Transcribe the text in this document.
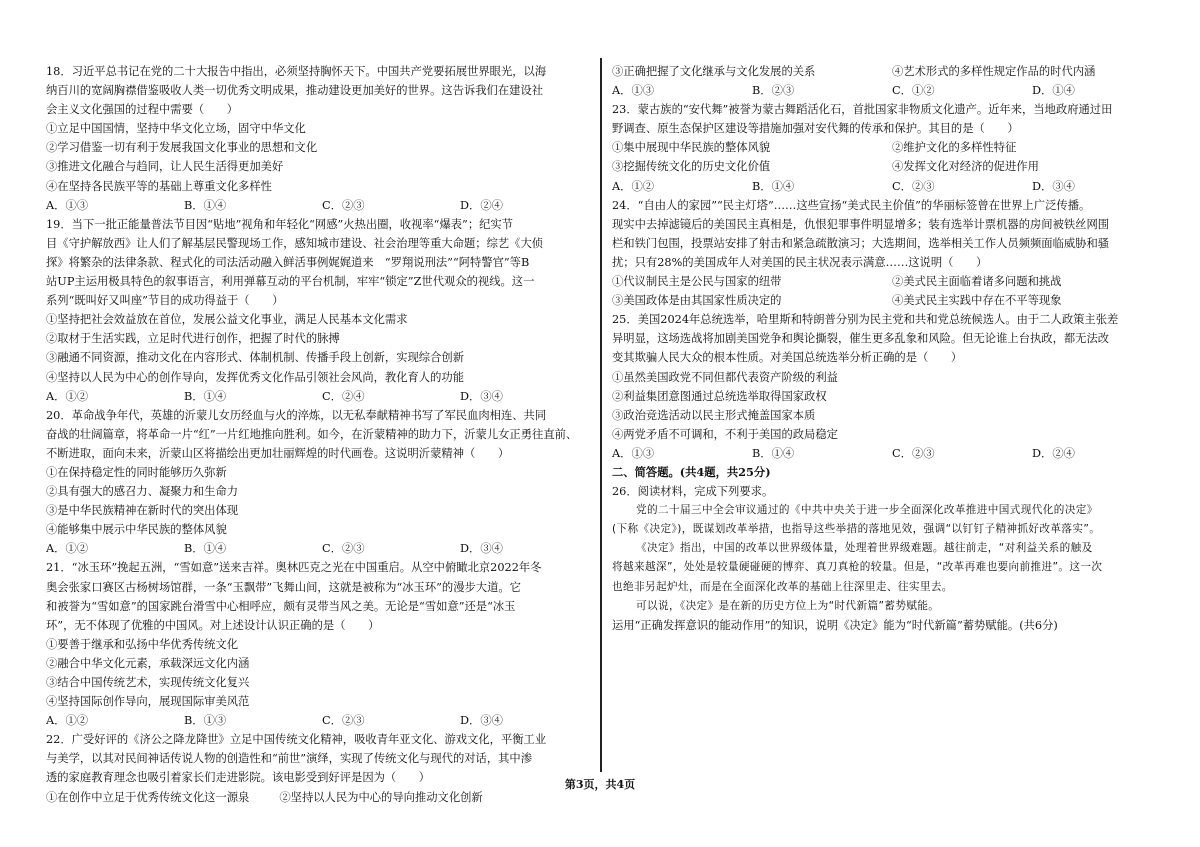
18．习近平总书记在党的二十大报告中指出，必须坚持胸怀天下。中国共产党要拓展世界眼光，以海
纳百川的宽阔胸襟借鉴吸收人类一切优秀文明成果，推动建设更加美好的世界。这告诉我们在建设社
会主义文化强国的过程中需要（　　）
①立足中国国情，坚持中华文化立场，固守中华文化
②学习借鉴一切有利于发展我国文化事业的思想和文化
③推进文化融合与趋同，让人民生活得更加美好
④在坚持各民族平等的基础上尊重文化多样性
A．①③	B．①④	C．②③	D．②④
19．当下一批正能量普法节目因“贴地”视角和年轻化“网感”火热出圈，收视率“爆表”；纪实节
目《守护解放西》让人们了解基层民警现场工作，感知城市建设、社会治理等重大命题；综艺《大侦
探》将繁杂的法律条款、程式化的司法活动融入鲜活事例娓娓道来　“罗翔说刑法”“阿特警官”等B
站UP主运用极具特色的叙事语言，利用弹幕互动的平台机制，牢牢“锁定”Z世代观众的视线。这一
系列“既叫好又叫座”节目的成功得益于（　　）
①坚持把社会效益放在首位，发展公益文化事业，满足人民基本文化需求
②取材于生活实践，立足时代进行创作，把握了时代的脉搏
③融通不同资源，推动文化在内容形式、体制机制、传播手段上创新，实现综合创新
④坚持以人民为中心的创作导向，发挥优秀文化作品引领社会风尚，教化育人的功能
A．①②	B．①④	C．②④	D．③④
20．革命战争年代，英雄的沂蒙儿女历经血与火的淬炼，以无私奉献精神书写了军民血肉相连、共同
奋战的壮阔篇章，将革命一片“红”一片红地推向胜利。如今，在沂蒙精神的助力下，沂蒙儿女正勇往直前、
不断进取，面向未来，沂蒙山区将描绘出更加壮丽辉煌的时代画卷。这说明沂蒙精神（　　）
①在保持稳定性的同时能够历久弥新
②具有强大的感召力、凝聚力和生命力
③是中华民族精神在新时代的突出体现
④能够集中展示中华民族的整体风貌
A．①②	B．①④	C．②③	D．③④
21．“冰玉环”挽起五洲，“雪如意”送来吉祥。奥林匹克之光在中国重启。从空中俯瞰北京2022年冬
奥会张家口赛区古杨树场馆群，一条“玉飘带”飞舞山间，这就是被称为“冰玉环”的漫步大道。它
和被誉为“雪如意”的国家跳台滑雪中心相呼应，颇有灵带当风之美。无论是“雪如意”还是“冰玉
环”，无不体现了优雅的中国风。对上述设计认识正确的是（　　）
①要善于继承和弘扬中华优秀传统文化
②融合中华文化元素，承载深远文化内涵
③结合中国传统艺术，实现传统文化复兴
④坚持国际创作导向，展现国际审美风范
A．①②	B．①③	C．②③	D．③④
22．广受好评的《济公之降龙降世》立足中国传统文化精神，吸收青年亚文化、游戏文化，平衡工业
与美学，以其对民间神话传说人物的创造性和“前世”演绎，实现了传统文化与现代的对话，其中渗
透的家庭教育理念也吸引着家长们走进影院。该电影受到好评是因为（　　）
①在创作中立足于优秀传统文化这一源泉	②坚持以人民为中心的导向推动文化创新
③正确把握了文化继承与文化发展的关系	④艺术形式的多样性规定作品的时代内涵
A．①③	B．②③	C．①②	D．①④
23．蒙古族的“安代舞”被誉为蒙古舞蹈活化石，首批国家非物质文化遗产。近年来，当地政府通过田
野调查、原生态保护区建设等措施加强对安代舞的传承和保护。其目的是（　　）
①集中展现中华民族的整体风貌	②维护文化的多样性特征
③挖掘传统文化的历史文化价值	④发挥文化对经济的促进作用
A．①②	B．①④	C．②③	D．③④
24．“自由人的家园”“民主灯塔”……这些宣扬“美式民主价值”的华丽标签曾在世界上广泛传播。
现实中去掉滤镜后的美国民主真相是，仇恨犯罪事件明显增多；装有选举计票机器的房间被铁丝网围
栏和铁门包围，投票站安排了射击和紧急疏散演习；大选期间，选举相关工作人员频频面临威胁和骚
扰；只有28%的美国成年人对美国的民主状况表示满意……这说明（　　）
①代议制民主是公民与国家的纽带	②美式民主面临着诸多问题和挑战
③美国政体是由其国家性质决定的	④美式民主实践中存在不平等现象
25．美国2024年总统选举，哈里斯和特朗普分别为民主党和共和党总统候选人。由于二人政策主张差
异明显，这场选战将加剧美国党争和舆论撕裂，催生更多乱象和风险。但无论谁上台执政，都无法改
变其欺骗人民大众的根本性质。对美国总统选举分析正确的是（　　）
①虽然美国政党不同但都代表资产阶级的利益
②利益集团意图通过总统选举取得国家政权
③政治竞选活动以民主形式掩盖国家本质
④两党矛盾不可调和，不利于美国的政局稳定
A．①③	B．①④	C．②③	D．②④
二、简答题。(共4题，共25分)
26．阅读材料，完成下列要求。
党的二十届三中全会审议通过的《中共中央关于进一步全面深化改革推进中国式现代化的决定》
(下称《决定》)，既谋划改革举措，也指导这些举措的落地见效，强调“以钉钉子精神抓好改革落实”。
《决定》指出，中国的改革以世界级体量，处理着世界级难题。越往前走，“对利益关系的触及
将越来越深”，处处是较量硬碰硬的博弈、真刀真枪的较量。但是，“改革再难也要向前推进”。这一次
也绝非另起炉灶，而是在全面深化改革的基础上往深里走、往实里去。
可以说，《决定》是在新的历史方位上为“时代新篇”蓄势赋能。
运用“正确发挥意识的能动作用”的知识，说明《决定》能为“时代新篇”蓄势赋能。(共6分)
第3页，共4页
